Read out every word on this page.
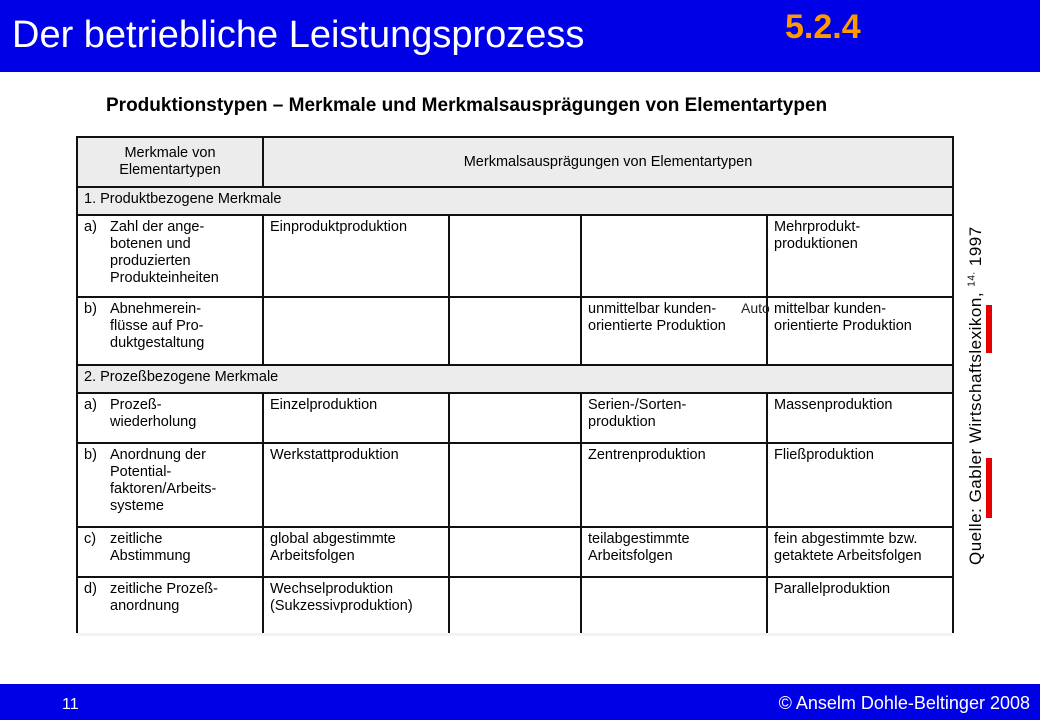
Der betriebliche Leistungsprozess	5.2.4
Produktionstypen – Merkmale und Merkmalsausprägungen von Elementartypen
Merkmale von
Elementartypen	Merkmalsausprägungen von Elementartypen			
1. Produktbezogene Merkmale				

a) Zahl der ange-
botenen und
produzierten
Produkteinheiten	Einproduktproduktion			Mehrprodukt-
produktionen

b) Abnehmerein-
flüsse auf Pro-
duktgestaltung			unmittelbar kunden-
orientierte Produktion	mittelbar kunden-
orientierte Produktion
2. Prozeßbezogene Merkmale				

a) Prozeß-
wiederholung	Einzelproduktion		Serien-/Sorten-
produktion	Massenproduktion

b) Anordnung der
Potential-
faktoren/Arbeits-
systeme	Werkstattproduktion		Zentrenproduktion	Fließproduktion

c) zeitliche
Abstimmung	global abgestimmte
Arbeitsfolgen		teilabgestimmte
Arbeitsfolgen	fein abgestimmte bzw.
getaktete Arbeitsfolgen

d) zeitliche Prozeß-
anordnung	Wechselproduktion
(Sukzessivproduktion)			Parallelproduktion
Auto	Quelle: Gabler Wirtschaftslexikon, $^{14.}$ 1997
11	© Anselm Dohle-Beltinger 2008
